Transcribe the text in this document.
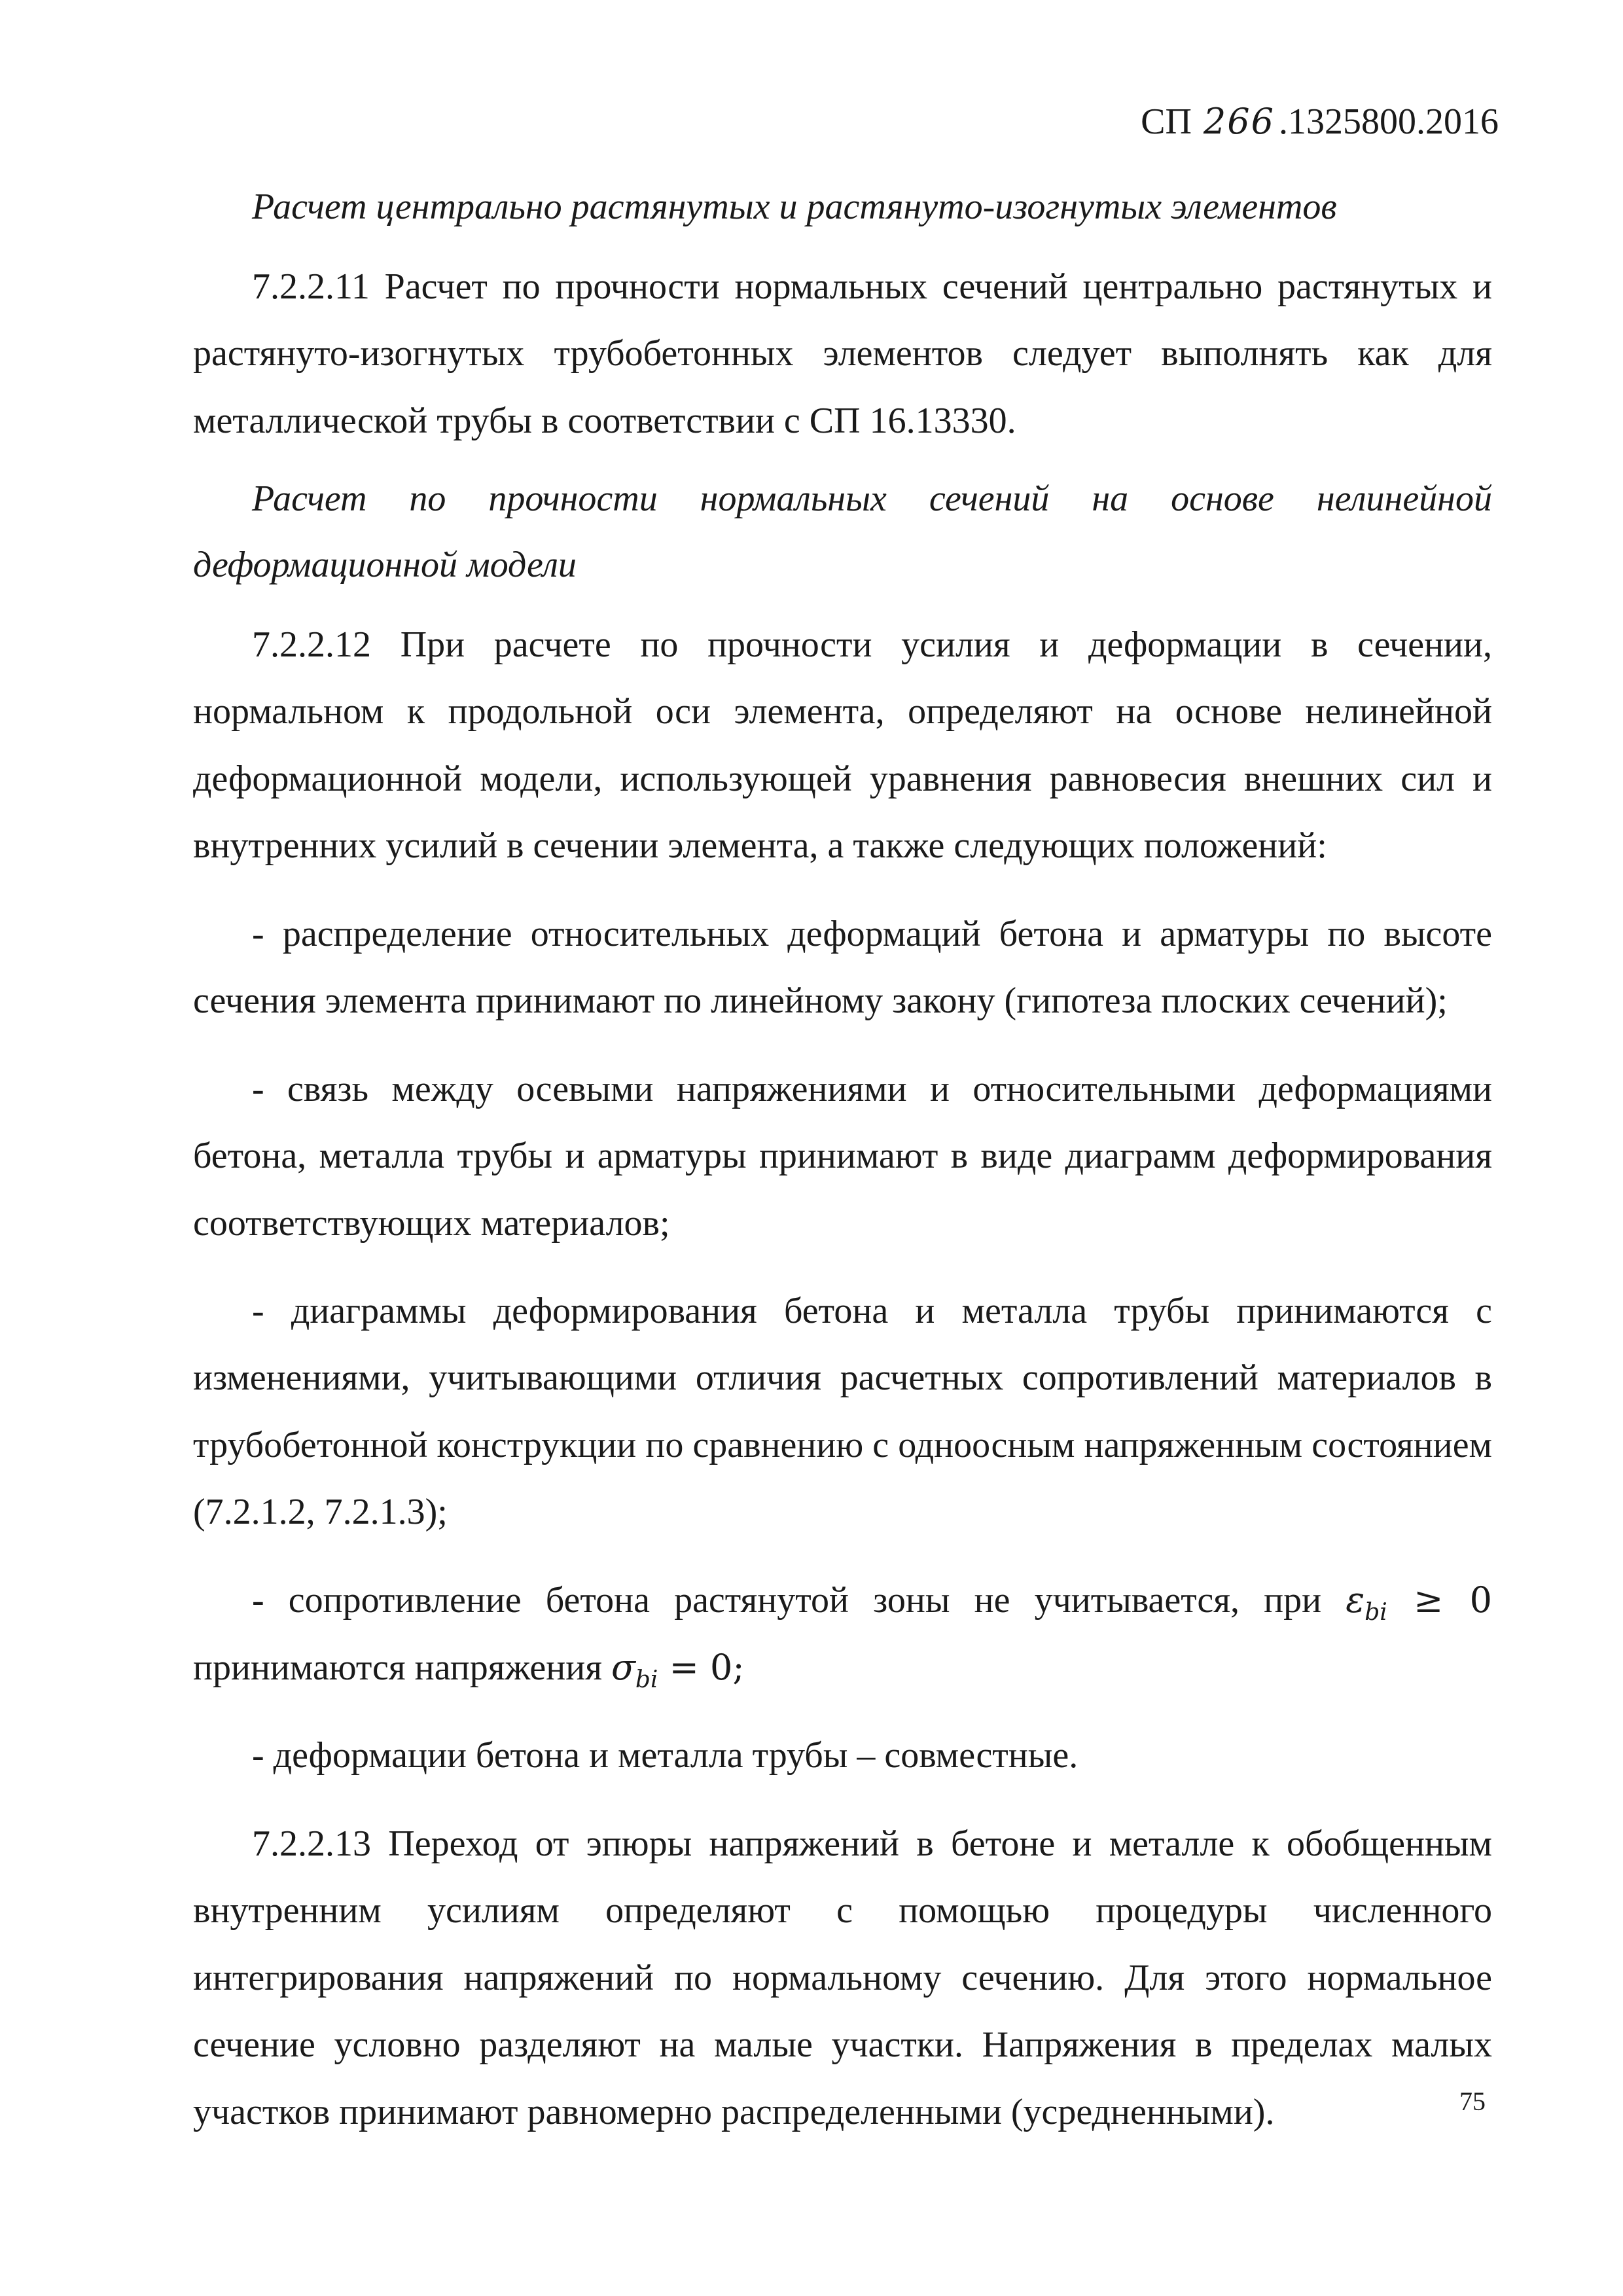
СП 266 .1325800.2016

Расчет центрально растянутых и растянуто-изогнутых элементов

7.2.2.11 Расчет по прочности нормальных сечений центрально растянутых и растянуто-изогнутых трубобетонных элементов следует выполнять как для металлической трубы в соответствии с СП 16.13330.

Расчет по прочности нормальных сечений на основе нелинейной

деформационной модели

7.2.2.12 При расчете по прочности усилия и деформации в сечении, нормальном к продольной оси элемента, определяют на основе нелинейной деформационной модели, использующей уравнения равновесия внешних сил и внутренних усилий в сечении элемента, а также следующих положений:

- распределение относительных деформаций бетона и арматуры по высоте сечения элемента принимают по линейному закону (гипотеза плоских сечений);

- связь между осевыми напряжениями и относительными деформациями бетона, металла трубы и арматуры принимают в виде диаграмм деформирования соответствующих материалов;

- диаграммы деформирования бетона и металла трубы принимаются с изменениями, учитывающими отличия расчетных сопротивлений материалов в трубобетонной конструкции по сравнению с одноосным напряженным состоянием (7.2.1.2, 7.2.1.3);

- сопротивление бетона растянутой зоны не учитывается, при $\varepsilon_{bi} \ge 0$ принимаются напряжения $\sigma_{bi} = 0$;

- деформации бетона и металла трубы – совместные.

7.2.2.13 Переход от эпюры напряжений в бетоне и металле к обобщенным внутренним усилиям определяют с помощью процедуры численного интегрирования напряжений по нормальному сечению. Для этого нормальное сечение условно разделяют на малые участки. Напряжения в пределах малых участков принимают равномерно распределенными (усредненными).	75
